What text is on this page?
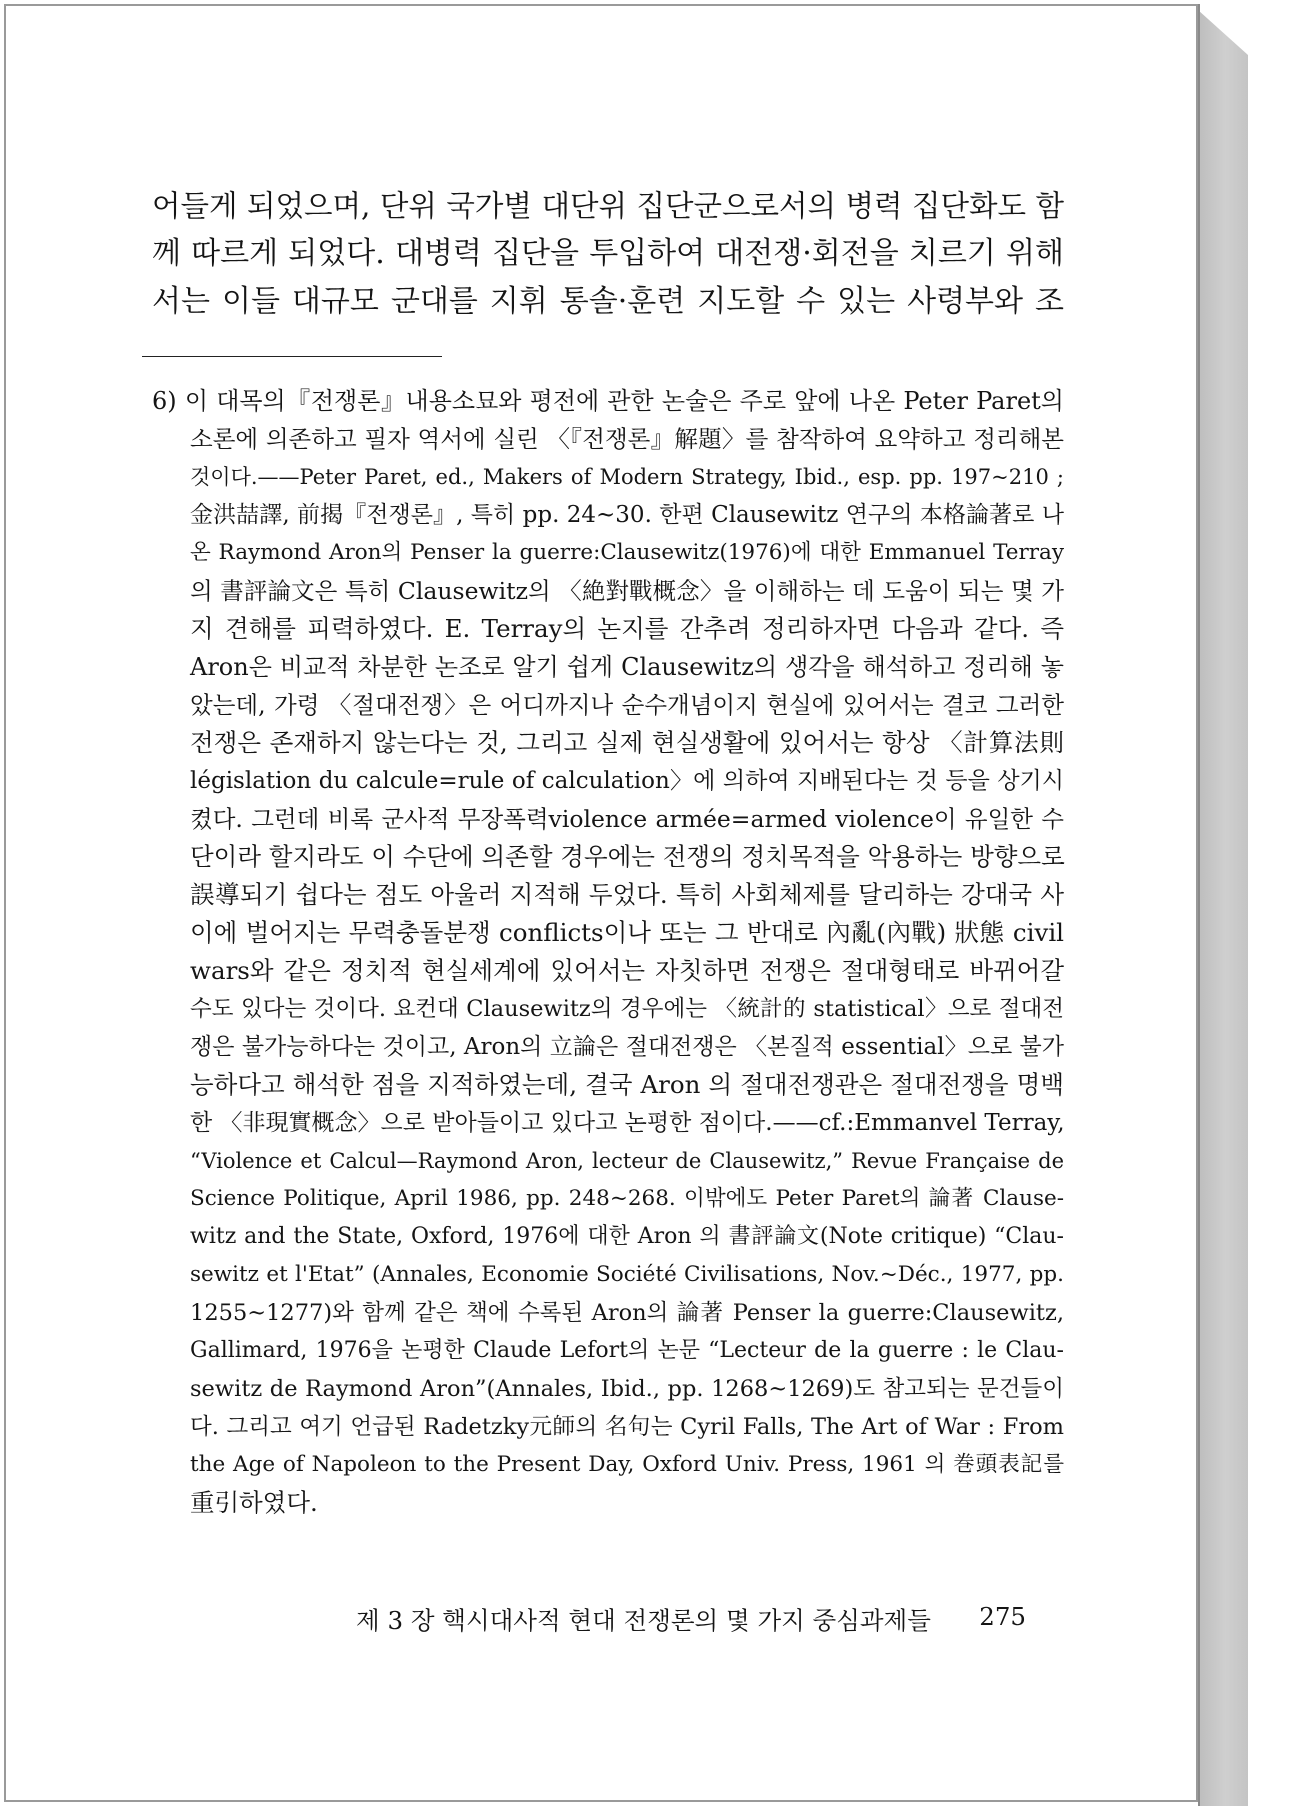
어들게 되었으며, 단위 국가별 대단위 집단군으로서의 병력 집단화도 함
께 따르게 되었다. 대병력 집단을 투입하여 대전쟁·회전을 치르기 위해
서는 이들 대규모 군대를 지휘 통솔·훈련 지도할 수 있는 사령부와 조
6) 이 대목의『전쟁론』내용소묘와 평전에 관한 논술은 주로 앞에 나온 Peter Paret의
소론에 의존하고 필자 역서에 실린 〈『전쟁론』解題〉를 참작하여 요약하고 정리해본
것이다.——Peter Paret, ed., Makers of Modern Strategy, Ibid., esp. pp. 197~210 ;
金洪喆譯, 前揭『전쟁론』, 특히 pp. 24~30. 한편 Clausewitz 연구의 本格論著로 나
온 Raymond Aron의 Penser la guerre:Clausewitz(1976)에 대한 Emmanuel Terray
의 書評論文은 특히 Clausewitz의 〈絶對戰概念〉을 이해하는 데 도움이 되는 몇 가
지 견해를 피력하였다. E. Terray의 논지를 간추려 정리하자면 다음과 같다. 즉
Aron은 비교적 차분한 논조로 알기 쉽게 Clausewitz의 생각을 해석하고 정리해 놓
았는데, 가령 〈절대전쟁〉은 어디까지나 순수개념이지 현실에 있어서는 결코 그러한
전쟁은 존재하지 않는다는 것, 그리고 실제 현실생활에 있어서는 항상 〈計算法則
législation du calcule=rule of calculation〉에 의하여 지배된다는 것 등을 상기시
켰다. 그런데 비록 군사적 무장폭력violence armée=armed violence이 유일한 수
단이라 할지라도 이 수단에 의존할 경우에는 전쟁의 정치목적을 악용하는 방향으로
誤導되기 쉽다는 점도 아울러 지적해 두었다. 특히 사회체제를 달리하는 강대국 사
이에 벌어지는 무력충돌분쟁 conflicts이나 또는 그 반대로 內亂(內戰) 狀態 civil
wars와 같은 정치적 현실세계에 있어서는 자칫하면 전쟁은 절대형태로 바뀌어갈
수도 있다는 것이다. 요컨대 Clausewitz의 경우에는 〈統計的 statistical〉으로 절대전
쟁은 불가능하다는 것이고, Aron의 立論은 절대전쟁은 〈본질적 essential〉으로 불가
능하다고 해석한 점을 지적하였는데, 결국 Aron 의 절대전쟁관은 절대전쟁을 명백
한 〈非現實概念〉으로 받아들이고 있다고 논평한 점이다.——cf.:Emmanvel Terray,
“Violence et Calcul—Raymond Aron, lecteur de Clausewitz,” Revue Française de
Science Politique, April 1986, pp. 248~268. 이밖에도 Peter Paret의 論著 Clause-
witz and the State, Oxford, 1976에 대한 Aron 의 書評論文(Note critique) “Clau-
sewitz et l'Etat” (Annales, Economie Société Civilisations, Nov.~Déc., 1977, pp.
1255~1277)와 함께 같은 책에 수록된 Aron의 論著 Penser la guerre:Clausewitz,
Gallimard, 1976을 논평한 Claude Lefort의 논문 “Lecteur de la guerre : le Clau-
sewitz de Raymond Aron”(Annales, Ibid., pp. 1268~1269)도 참고되는 문건들이
다. 그리고 여기 언급된 Radetzky元師의 名句는 Cyril Falls, The Art of War : From
the Age of Napoleon to the Present Day, Oxford Univ. Press, 1961 의 巻頭表記를
重引하였다.
제 3 장 핵시대사적 현대 전쟁론의 몇 가지 중심과제들 275
